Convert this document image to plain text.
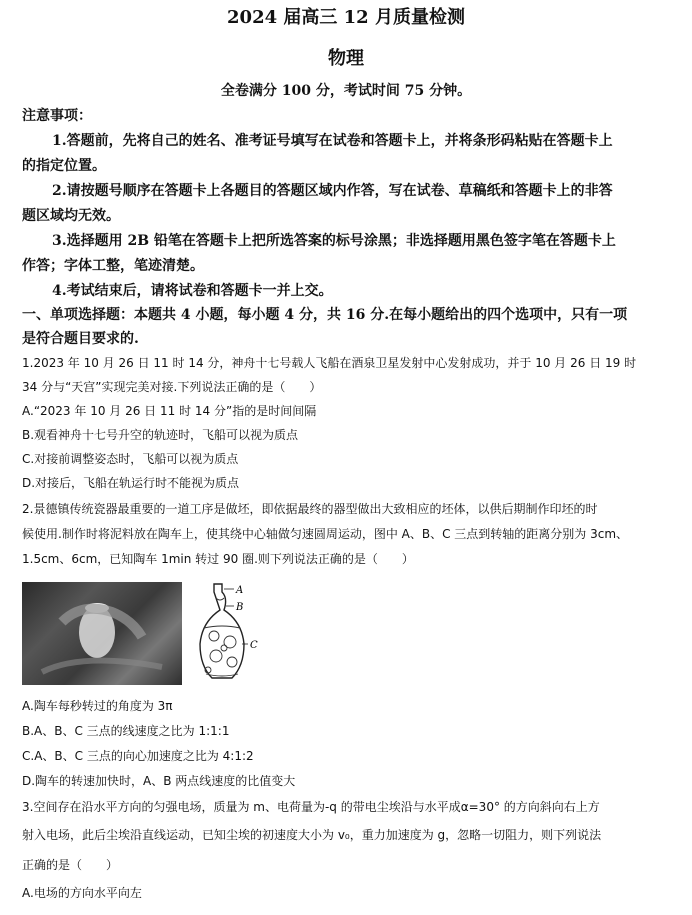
2024 届高三 12 月质量检测
物理
全卷满分 100 分，考试时间 75 分钟。
注意事项：
1.答题前，先将自己的姓名、准考证号填写在试卷和答题卡上，并将条形码粘贴在答题卡上
的指定位置。
2.请按题号顺序在答题卡上各题目的答题区域内作答，写在试卷、草稿纸和答题卡上的非答
题区域均无效。
3.选择题用 2B 铅笔在答题卡上把所选答案的标号涂黑；非选择题用黑色签字笔在答题卡上
作答；字体工整，笔迹清楚。
4.考试结束后，请将试卷和答题卡一并上交。
一、单项选择题：本题共 4 小题，每小题 4 分，共 16 分.在每小题给出的四个选项中，只有一项
是符合题目要求的.
1.2023 年 10 月 26 日 11 时 14 分，神舟十七号载人飞船在酒泉卫星发射中心发射成功，并于 10 月 26 日 19 时
34 分与“天宫”实现完美对接.下列说法正确的是（　　）
A.“2023 年 10 月 26 日 11 时 14 分”指的是时间间隔
B.观看神舟十七号升空的轨迹时，飞船可以视为质点
C.对接前调整姿态时，飞船可以视为质点
D.对接后，飞船在轨运行时不能视为质点
2.景德镇传统瓷器最重要的一道工序是做坯，即依据最终的器型做出大致相应的坯体，以供后期制作印坯的时
候使用.制作时将泥料放在陶车上，使其绕中心轴做匀速圆周运动，图中 A、B、C 三点到转轴的距离分别为 3cm、
1.5cm、6cm，已知陶车 1min 转过 90 圈.则下列说法正确的是（　　）
A
B
C
A.陶车每秒转过的角度为 3π
B.A、B、C 三点的线速度之比为 1:1:1
C.A、B、C 三点的向心加速度之比为 4:1:2
D.陶车的转速加快时，A、B 两点线速度的比值变大
3.空间存在沿水平方向的匀强电场，质量为 m、电荷量为-q 的带电尘埃沿与水平成α=30° 的方向斜向右上方
射入电场，此后尘埃沿直线运动，已知尘埃的初速度大小为 v₀，重力加速度为 g，忽略一切阻力，则下列说法
正确的是（　　）
A.电场的方向水平向左
